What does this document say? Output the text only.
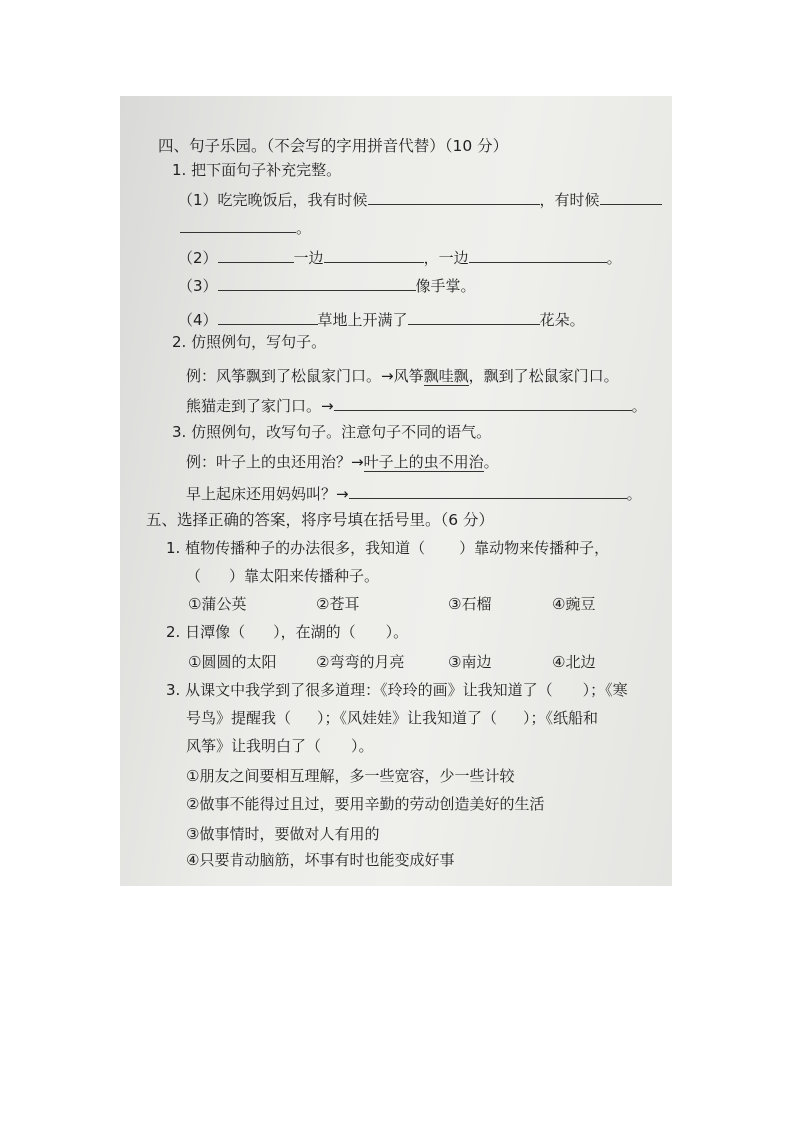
四、句子乐园。（不会写的字用拼音代替）（10 分）
1. 把下面句子补充完整。
（1）吃完晚饭后，我有时候	，有时候
。
（2）	一边	，一边	。
（3）	像手掌。
（4）	草地上开满了	花朵。
2. 仿照例句，写句子。
例：风筝飘到了松鼠家门口。→风筝飘哇飘，飘到了松鼠家门口。
熊猫走到了家门口。→	。
3. 仿照例句，改写句子。注意句子不同的语气。
例：叶子上的虫还用治？→叶子上的虫不用治。
早上起床还用妈妈叫？→	。
五、选择正确的答案，将序号填在括号里。（6 分）
1. 植物传播种子的办法很多，我知道（ ）靠动物来传播种子，
（ ）靠太阳来传播种子。
①蒲公英	②苍耳	③石榴	④豌豆
2. 日潭像（ ），在湖的（ ）。
①圆圆的太阳	②弯弯的月亮	③南边	④北边
3. 从课文中我学到了很多道理：《玲玲的画》让我知道了（ ）；《寒
号鸟》提醒我（ ）；《风娃娃》让我知道了（ ）；《纸船和
风筝》让我明白了（ ）。
①朋友之间要相互理解，多一些宽容，少一些计较
②做事不能得过且过，要用辛勤的劳动创造美好的生活
③做事情时，要做对人有用的
④只要肯动脑筋，坏事有时也能变成好事
